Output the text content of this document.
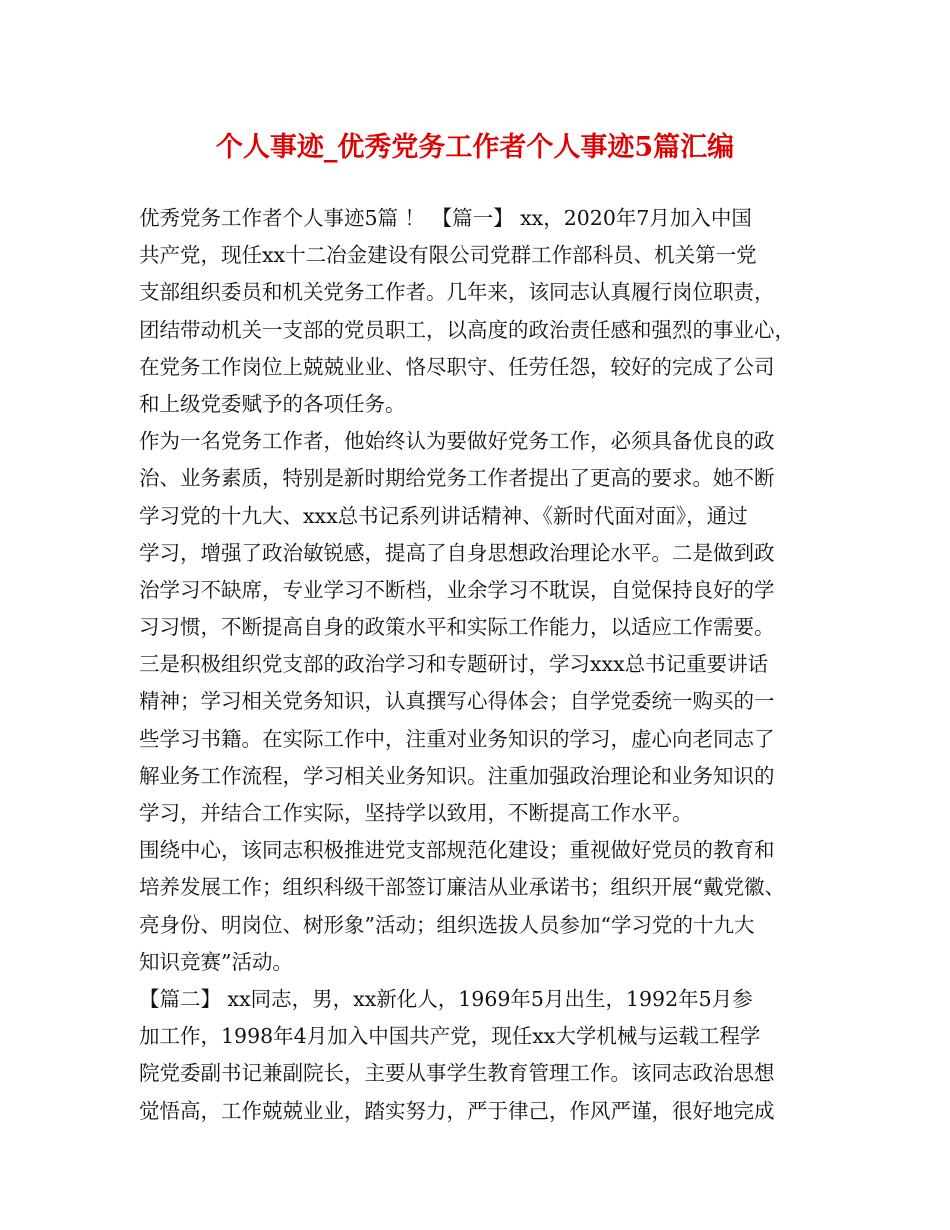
个人事迹_优秀党务工作者个人事迹5篇汇编
优秀党务工作者个人事迹5篇 ！ 【篇一】 xx，2020年7月加入中国
共产党，现任xx十二冶金建设有限公司党群工作部科员、机关第一党
支部组织委员和机关党务工作者。几年来，该同志认真履行岗位职责，
团结带动机关一支部的党员职工，以高度的政治责任感和强烈的事业心，
在党务工作岗位上兢兢业业、恪尽职守、任劳任怨，较好的完成了公司
和上级党委赋予的各项任务。
作为一名党务工作者，他始终认为要做好党务工作，必须具备优良的政
治、业务素质，特别是新时期给党务工作者提出了更高的要求。她不断
学习党的十九大、xxx总书记系列讲话精神、《新时代面对面》，通过
学习，增强了政治敏锐感，提高了自身思想政治理论水平。二是做到政
治学习不缺席，专业学习不断档，业余学习不耽误，自觉保持良好的学
习习惯，不断提高自身的政策水平和实际工作能力，以适应工作需要。
三是积极组织党支部的政治学习和专题研讨，学习xxx总书记重要讲话
精神；学习相关党务知识，认真撰写心得体会；自学党委统一购买的一
些学习书籍。在实际工作中，注重对业务知识的学习，虚心向老同志了
解业务工作流程，学习相关业务知识。注重加强政治理论和业务知识的
学习，并结合工作实际，坚持学以致用，不断提高工作水平。
围绕中心，该同志积极推进党支部规范化建设；重视做好党员的教育和
培养发展工作；组织科级干部签订廉洁从业承诺书；组织开展“戴党徽、
亮身份、明岗位、树形象”活动；组织选拔人员参加“学习党的十九大
知识竞赛”活动。
【篇二】 xx同志，男，xx新化人，1969年5月出生，1992年5月参
加工作，1998年4月加入中国共产党，现任xx大学机械与运载工程学
院党委副书记兼副院长，主要从事学生教育管理工作。该同志政治思想
觉悟高，工作兢兢业业，踏实努力，严于律己，作风严谨，很好地完成
